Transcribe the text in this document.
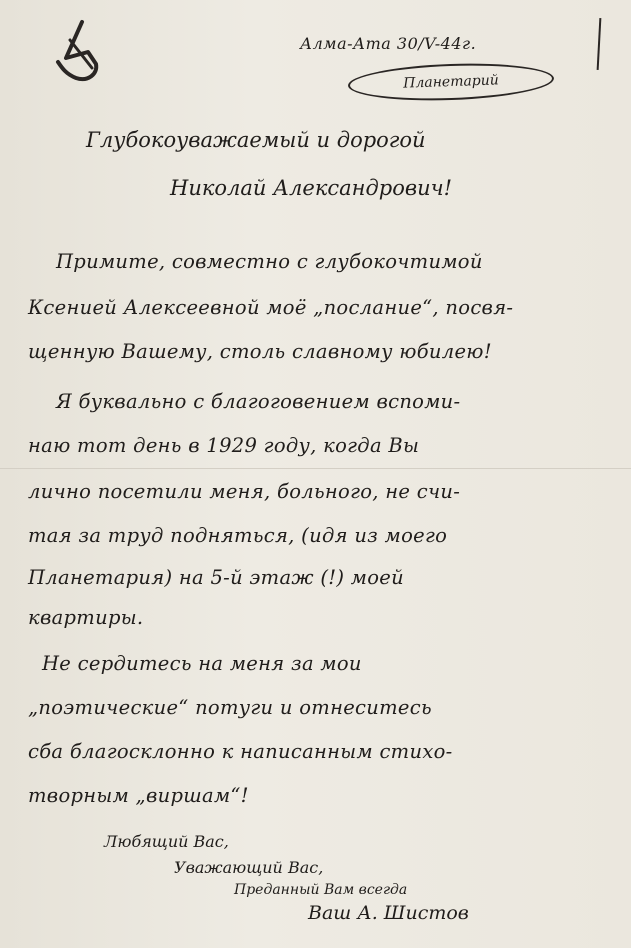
Алма-Ата 30/V-44г.
Планетарий
Глубокоуважаемый и дорогой
Николай Александрович!
Примите, совместно с глубокочтимой
Ксенией Алексеевной моё „послание“, посвя-
щенную Вашему, столь славному юбилею!
Я буквально с благоговением вспоми-
наю тот день в 1929 году, когда Вы
лично посетили меня, больного, не счи-
тая за труд подняться, (идя из моего
Планетария) на 5-й этаж (!) моей
квартиры.
Не сердитесь на меня за мои
„поэтические“ потуги и отнеситесь
сба благосклонно к написанным стихо-
творным „виршам“!
Любящий Вас,
Уважающий Вас,
Преданный Вам всегда
Ваш А. Шистов
